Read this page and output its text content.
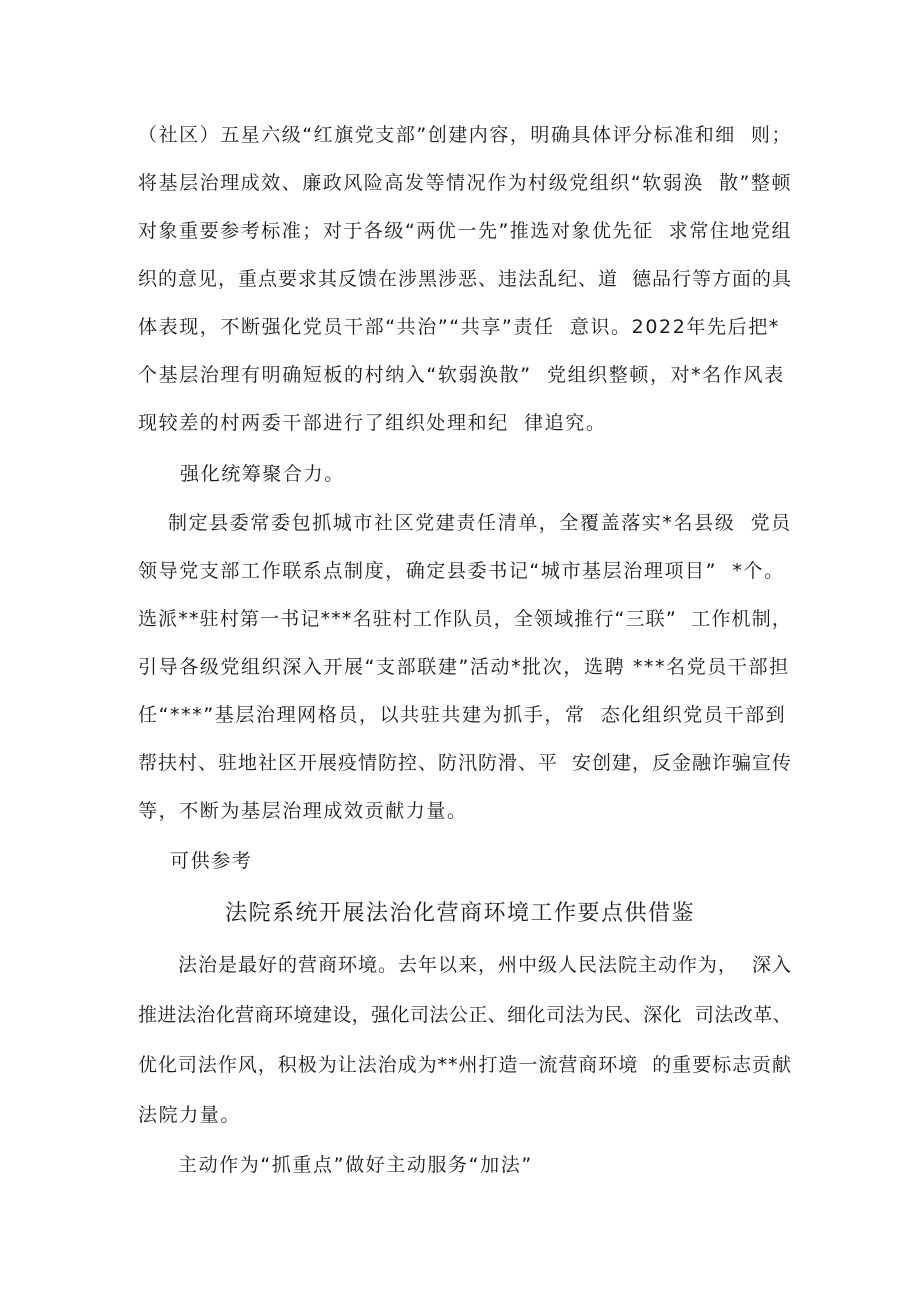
（社区）五星六级“红旗党支部”创建内容，明确具体评分标准和细  则；
将基层治理成效、廉政风险高发等情况作为村级党组织“软弱涣  散”整顿
对象重要参考标准；对于各级“两优一先”推选对象优先征  求常住地党组
织的意见，重点要求其反馈在涉黑涉恶、违法乱纪、道  德品行等方面的具
体表现，不断强化党员干部“共治”“共享”责任  意识。2022年先后把*
个基层治理有明确短板的村纳入“软弱涣散”  党组织整顿，对*名作风表
现较差的村两委干部进行了组织处理和纪  律追究。
强化统筹聚合力。
制定县委常委包抓城市社区党建责任清单，全覆盖落实*名县级  党员
领导党支部工作联系点制度，确定县委书记“城市基层治理项目”  *个。
选派**驻村第一书记***名驻村工作队员，全领域推行“三联”  工作机制，
引导各级党组织深入开展“支部联建”活动*批次，选聘 ***名党员干部担
任“***”基层治理网格员，以共驻共建为抓手，常  态化组织党员干部到
帮扶村、驻地社区开展疫情防控、防汛防滑、平  安创建，反金融诈骗宣传
等，不断为基层治理成效贡献力量。
可供参考
法院系统开展法治化营商环境工作要点供借鉴
法治是最好的营商环境。去年以来，州中级人民法院主动作为，  深入
推进法治化营商环境建设，强化司法公正、细化司法为民、深化  司法改革、
优化司法作风，积极为让法治成为**州打造一流营商环境  的重要标志贡献
法院力量。
主动作为“抓重点”做好主动服务“加法”
